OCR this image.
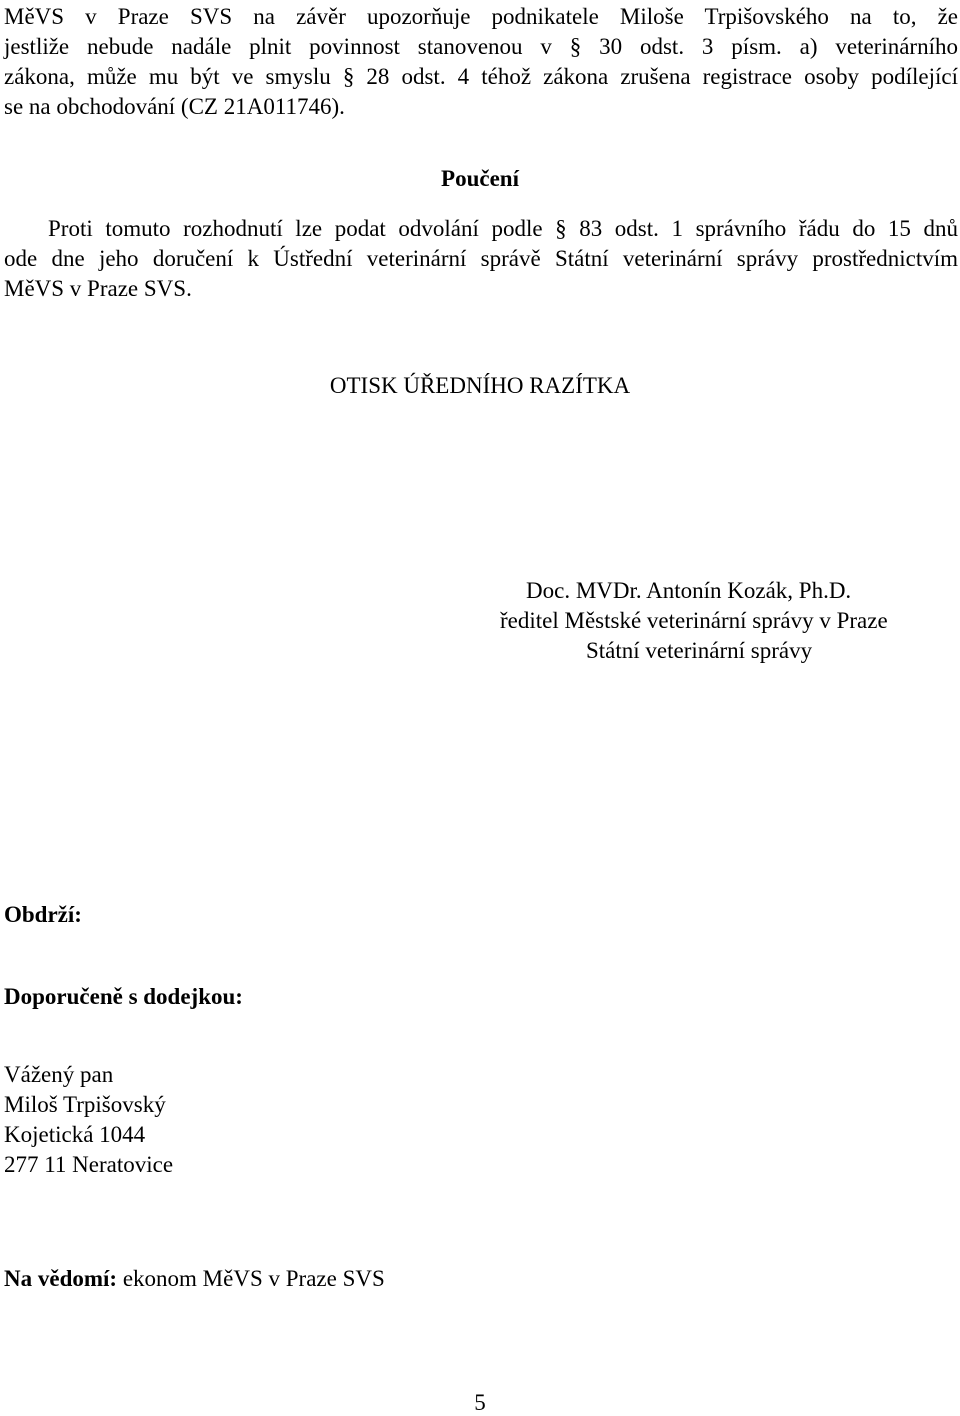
MěVS v Praze SVS na závěr upozorňuje podnikatele Miloše Trpišovského na to, že
jestliže nebude nadále plnit povinnost stanovenou v § 30 odst. 3 písm. a) veterinárního
zákona, může mu být ve smyslu § 28 odst. 4 téhož zákona zrušena registrace osoby podílející
se na obchodování (CZ 21A011746).

Poučení

Proti tomuto rozhodnutí lze podat odvolání podle § 83 odst. 1 správního řádu do 15 dnů
ode dne jeho doručení k Ústřední veterinární správě Státní veterinární správy prostřednictvím
MěVS v Praze SVS.

OTISK ÚŘEDNÍHO RAZÍTKA

Doc. MVDr. Antonín Kozák, Ph.D.
ředitel Městské veterinární správy v Praze
Státní veterinární správy

Obdrží:

Doporučeně s dodejkou:

Vážený pan
Miloš Trpišovský
Kojetická 1044
277 11 Neratovice

Na vědomí: ekonom MěVS v Praze SVS

5
